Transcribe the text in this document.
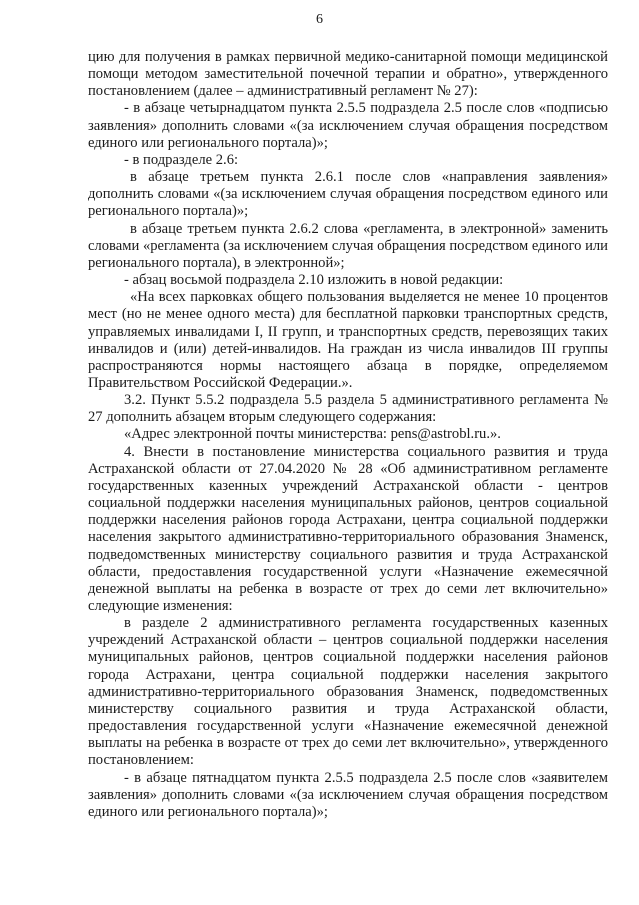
6

цию для получения в рамках первичной медико-санитарной помощи медицинской помощи методом заместительной почечной терапии и обратно», утвержденного постановлением (далее – административный регламент № 27):

- в абзаце четырнадцатом пункта 2.5.5 подраздела 2.5 после слов «подписью заявления» дополнить словами «(за исключением случая обращения посредством единого или регионального портала)»;

- в подразделе 2.6:

в абзаце третьем пункта 2.6.1 после слов «направления заявления» дополнить словами «(за исключением случая обращения посредством единого или регионального портала)»;

в абзаце третьем пункта 2.6.2 слова «регламента, в электронной» заменить словами «регламента (за исключением случая обращения посредством единого или регионального портала), в электронной»;

- абзац восьмой подраздела 2.10 изложить в новой редакции:

«На всех парковках общего пользования выделяется не менее 10 процентов мест (но не менее одного места) для бесплатной парковки транспортных средств, управляемых инвалидами I, II групп, и транспортных средств, перевозящих таких инвалидов и (или) детей-инвалидов. На граждан из числа инвалидов III группы распространяются нормы настоящего абзаца в порядке, определяемом Правительством Российской Федерации.».

3.2. Пункт 5.5.2 подраздела 5.5 раздела 5 административного регламента № 27 дополнить абзацем вторым следующего содержания:

«Адрес электронной почты министерства: pens@astrobl.ru.».

4. Внести в постановление министерства социального развития и труда Астраханской области от 27.04.2020 № 28 «Об административном регламенте государственных казенных учреждений Астраханской области - центров социальной поддержки населения муниципальных районов, центров социальной поддержки населения районов города Астрахани, центра социальной поддержки населения закрытого административно-территориального образования Знаменск, подведомственных министерству социального развития и труда Астраханской области, предоставления государственной услуги «Назначение ежемесячной денежной выплаты на ребенка в возрасте от трех до семи лет включительно» следующие изменения:

в разделе 2 административного регламента государственных казенных учреждений Астраханской области – центров социальной поддержки населения муниципальных районов, центров социальной поддержки населения районов города Астрахани, центра социальной поддержки населения закрытого административно-территориального образования Знаменск, подведомственных министерству социального развития и труда Астраханской области, предоставления государственной услуги «Назначение ежемесячной денежной выплаты на ребенка в возрасте от трех до семи лет включительно», утвержденного постановлением:

- в абзаце пятнадцатом пункта 2.5.5 подраздела 2.5 после слов «заявителем заявления» дополнить словами «(за исключением случая обращения посредством единого или регионального портала)»;
